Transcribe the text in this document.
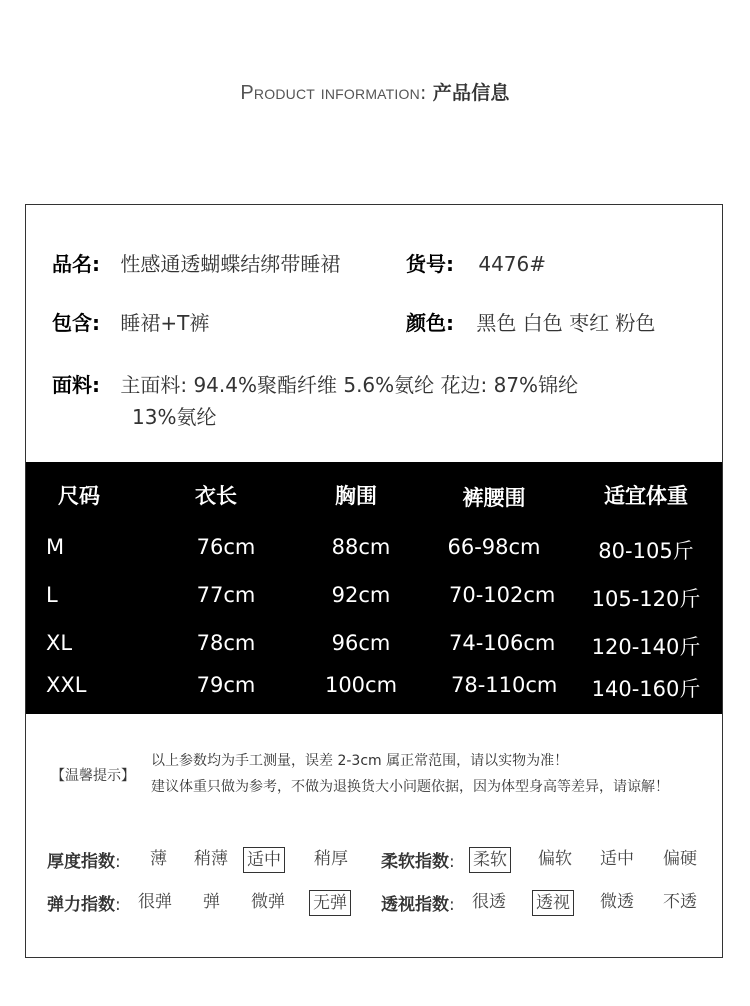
Product information: 产品信息
品名: 性感通透蝴蝶结绑带睡裙	货号: 4476#
包含: 睡裙+T裤	颜色: 黑色 白色 枣红 粉色
面料: 主面料: 94.4%聚酯纤维 5.6%氨纶 花边: 87%锦纶
13%氨纶
尺码	衣长	胸围	裤腰围	适宜体重
M	76cm	88cm	66-98cm	80-105斤
L	77cm	92cm	70-102cm	105-120斤
XL	78cm	96cm	74-106cm	120-140斤
XXL	79cm	100cm	78-110cm	140-160斤
【温馨提示】
以上参数均为手工测量，误差 2-3cm 属正常范围，请以实物为准！
建议体重只做为参考，不做为退换货大小问题依据，因为体型身高等差异，请谅解！
厚度指数: 薄 稍薄 适中 稍厚 柔软指数: 柔软 偏软 适中 偏硬
弹力指数: 很弹 弹 微弹 无弹 透视指数: 很透 透视 微透 不透
